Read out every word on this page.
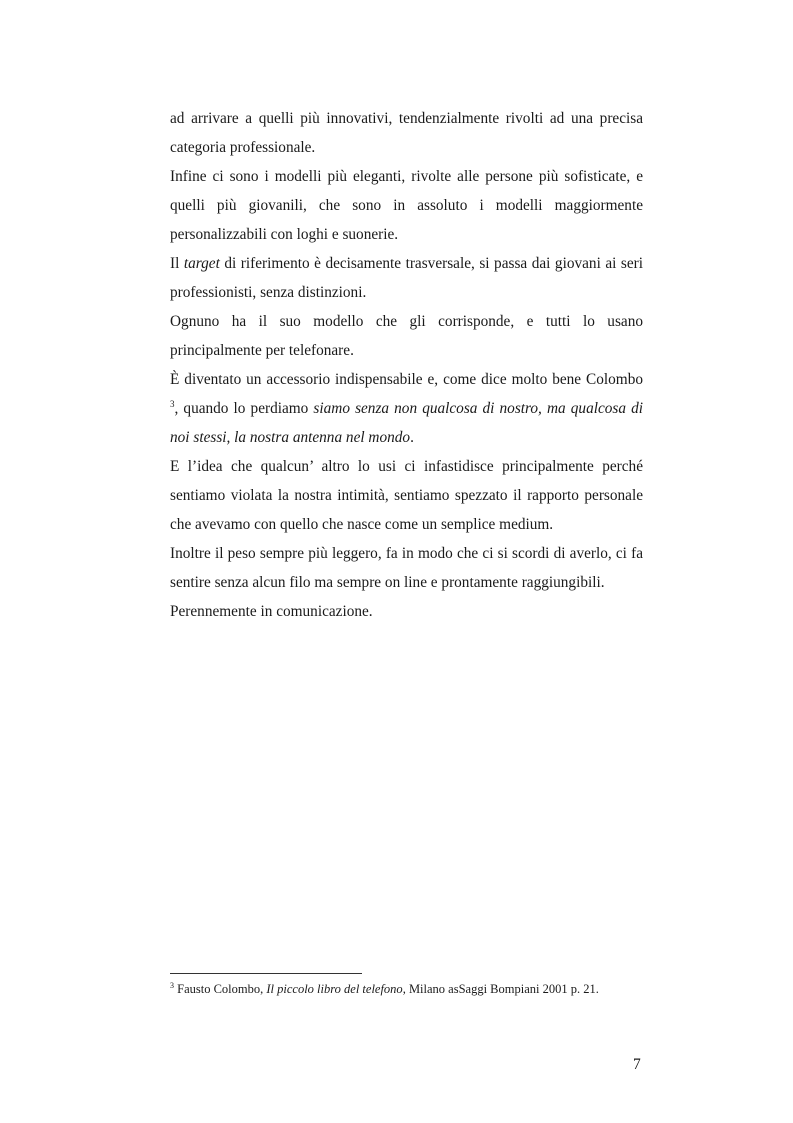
ad arrivare a quelli più innovativi, tendenzialmente rivolti ad una precisa categoria professionale.

Infine ci sono i modelli più eleganti, rivolte alle persone più sofisticate, e quelli più giovanili, che sono in assoluto i modelli maggiormente personalizzabili con loghi e suonerie.

Il target di riferimento è decisamente trasversale, si passa dai giovani ai seri professionisti, senza distinzioni.

Ognuno ha il suo modello che gli corrisponde, e tutti lo usano principalmente per telefonare.

È diventato un accessorio indispensabile e, come dice molto bene Colombo $^3$, quando lo perdiamo siamo senza non qualcosa di nostro, ma qualcosa di noi stessi, la nostra antenna nel mondo.

E l’idea che qualcun’ altro lo usi ci infastidisce principalmente perché sentiamo violata la nostra intimità, sentiamo spezzato il rapporto personale che avevamo con quello che nasce come un semplice medium.

Inoltre il peso sempre più leggero, fa in modo che ci si scordi di averlo, ci fa sentire senza alcun filo ma sempre on line e prontamente raggiungibili.

Perennemente in comunicazione.

$^3$ Fausto Colombo, Il piccolo libro del telefono, Milano asSaggi Bompiani 2001 p. 21.
7
